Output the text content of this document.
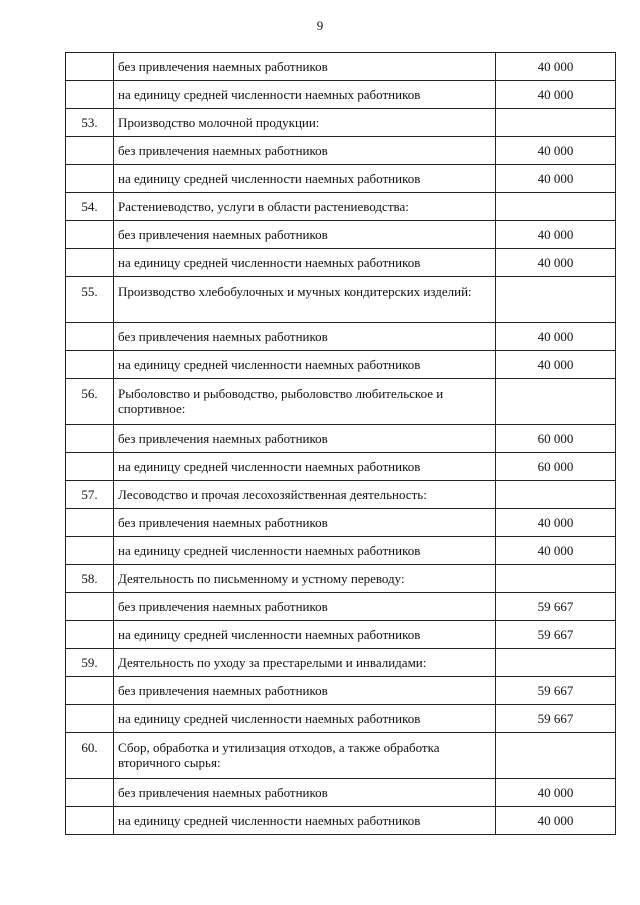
9
	без привлечения наемных работников	40 000
	на единицу средней численности наемных работников	40 000
53.	Производство молочной продукции:	
	без привлечения наемных работников	40 000
	на единицу средней численности наемных работников	40 000
54.	Растениеводство, услуги в области растениеводства:	
	без привлечения наемных работников	40 000
	на единицу средней численности наемных работников	40 000
55.	Производство хлебобулочных и мучных кондитерских изделий:	
	без привлечения наемных работников	40 000
	на единицу средней численности наемных работников	40 000
56.	Рыболовство и рыбоводство, рыболовство любительское и спортивное:	
	без привлечения наемных работников	60 000
	на единицу средней численности наемных работников	60 000
57.	Лесоводство и прочая лесохозяйственная деятельность:	
	без привлечения наемных работников	40 000
	на единицу средней численности наемных работников	40 000
58.	Деятельность по письменному и устному переводу:	
	без привлечения наемных работников	59 667
	на единицу средней численности наемных работников	59 667
59.	Деятельность по уходу за престарелыми и инвалидами:	
	без привлечения наемных работников	59 667
	на единицу средней численности наемных работников	59 667
60.	Сбор, обработка и утилизация отходов, а также обработка вторичного сырья:	
	без привлечения наемных работников	40 000
	на единицу средней численности наемных работников	40 000
